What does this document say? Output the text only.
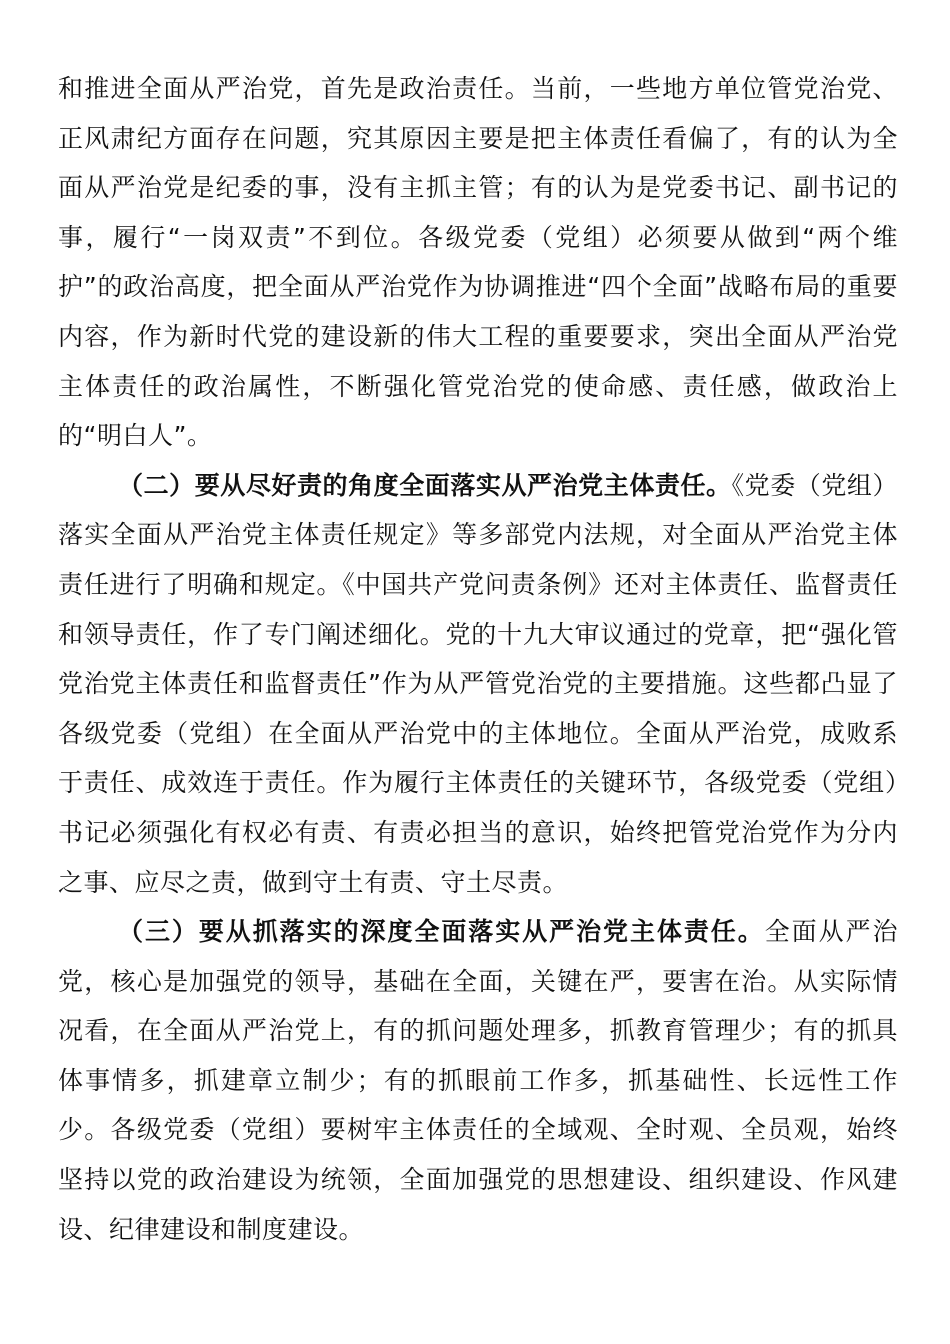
和推进全面从严治党，首先是政治责任。当前，一些地方单位管党治党、正风肃纪方面存在问题，究其原因主要是把主体责任看偏了，有的认为全面从严治党是纪委的事，没有主抓主管；有的认为是党委书记、副书记的事，履行“一岗双责”不到位。各级党委（党组）必须要从做到“两个维护”的政治高度，把全面从严治党作为协调推进“四个全面”战略布局的重要内容，作为新时代党的建设新的伟大工程的重要要求，突出全面从严治党主体责任的政治属性，不断强化管党治党的使命感、责任感，做政治上的“明白人”。

（二）要从尽好责的角度全面落实从严治党主体责任。《党委（党组）落实全面从严治党主体责任规定》等多部党内法规，对全面从严治党主体责任进行了明确和规定。《中国共产党问责条例》还对主体责任、监督责任和领导责任，作了专门阐述细化。党的十九大审议通过的党章，把“强化管党治党主体责任和监督责任”作为从严管党治党的主要措施。这些都凸显了各级党委（党组）在全面从严治党中的主体地位。全面从严治党，成败系于责任、成效连于责任。作为履行主体责任的关键环节，各级党委（党组）书记必须强化有权必有责、有责必担当的意识，始终把管党治党作为分内之事、应尽之责，做到守土有责、守土尽责。

（三）要从抓落实的深度全面落实从严治党主体责任。全面从严治党，核心是加强党的领导，基础在全面，关键在严，要害在治。从实际情况看，在全面从严治党上，有的抓问题处理多，抓教育管理少；有的抓具体事情多，抓建章立制少；有的抓眼前工作多，抓基础性、长远性工作少。各级党委（党组）要树牢主体责任的全域观、全时观、全员观，始终坚持以党的政治建设为统领，全面加强党的思想建设、组织建设、作风建设、纪律建设和制度建设。
